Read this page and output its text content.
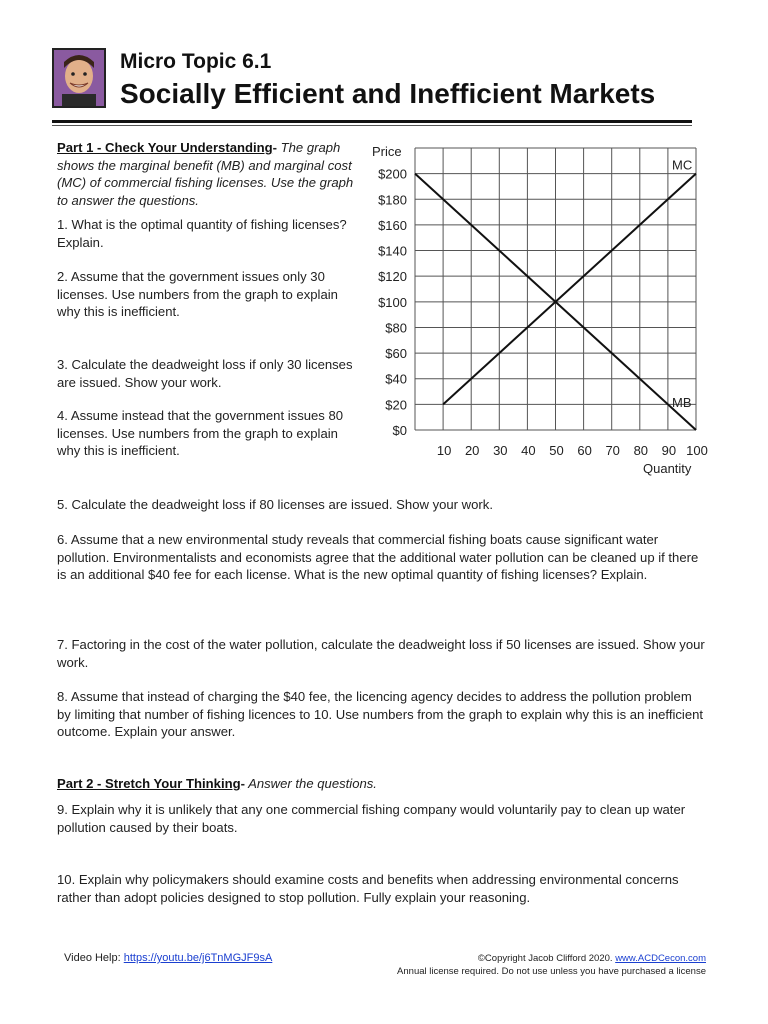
Micro Topic 6.1
Socially Efficient and Inefficient Markets

Part 1 - Check Your Understanding- The graph shows the marginal benefit (MB) and marginal cost (MC) of commercial fishing licenses. Use the graph to answer the questions.

1. What is the optimal quantity of fishing licenses? Explain.

2. Assume that the government issues only 30 licenses. Use numbers from the graph to explain why this is inefficient.

3. Calculate the deadweight loss if only 30 licenses are issued. Show your work.

4. Assume instead that the government issues 80 licenses. Use numbers from the graph to explain why this is inefficient.

MC
MB
$0
$20
$40
$60
$80
$100
$120
$140
$160
$180
$200
10 20 30 40 50 60 70 80 90 100
Price
Quantity

5. Calculate the deadweight loss if 80 licenses are issued. Show your work.

6. Assume that a new environmental study reveals that commercial fishing boats cause significant water pollution. Environmentalists and economists agree that the additional water pollution can be cleaned up if there is an additional $40 fee for each license. What is the new optimal quantity of fishing licenses? Explain.

7. Factoring in the cost of the water pollution, calculate the deadweight loss if 50 licenses are issued. Show your work.

8. Assume that instead of charging the $40 fee, the licencing agency decides to address the pollution problem by limiting that number of fishing licences to 10. Use numbers from the graph to explain why this is an inefficient outcome. Explain your answer.

Part 2 - Stretch Your Thinking- Answer the questions.

9. Explain why it is unlikely that any one commercial fishing company would voluntarily pay to clean up water pollution caused by their boats.

10. Explain why policymakers should examine costs and benefits when addressing environmental concerns rather than adopt policies designed to stop pollution. Fully explain your reasoning.

Video Help: https://youtu.be/j6TnMGJF9sA	©Copyright Jacob Clifford 2020. www.ACDCecon.com
Annual license required. Do not use unless you have purchased a license
